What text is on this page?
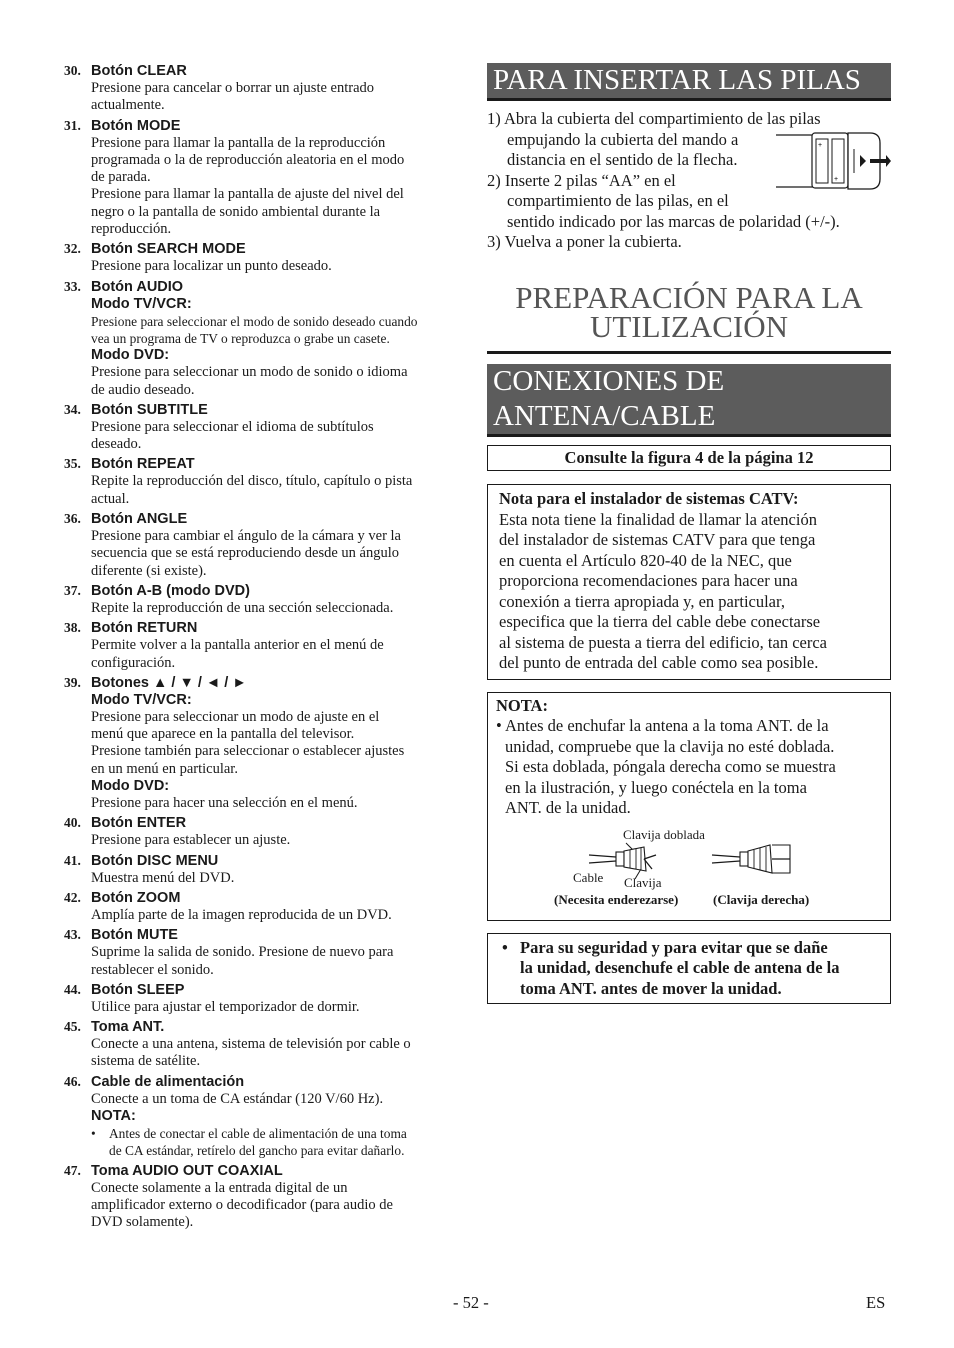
30. Botón CLEAR
Presione para cancelar o borrar un ajuste entrado
actualmente.
31. Botón MODE
Presione para llamar la pantalla de la reproducción
programada o la de reproducción aleatoria en el modo
de parada.
Presione para llamar la pantalla de ajuste del nivel del
negro o la pantalla de sonido ambiental durante la
reproducción.
32. Botón SEARCH MODE
Presione para localizar un punto deseado.
33. Botón AUDIO
Modo TV/VCR:
Presione para seleccionar el modo de sonido deseado cuando
vea un programa de TV o reproduzca o grabe un casete.
Modo DVD:
Presione para seleccionar un modo de sonido o idioma
de audio deseado.
34. Botón SUBTITLE
Presione para seleccionar el idioma de subtítulos
deseado.
35. Botón REPEAT
Repite la reproducción del disco, título, capítulo o pista
actual.
36. Botón ANGLE
Presione para cambiar el ángulo de la cámara y ver la
secuencia que se está reproduciendo desde un ángulo
diferente (si existe).
37. Botón A-B (modo DVD)
Repite la reproducción de una sección seleccionada.
38. Botón RETURN
Permite volver a la pantalla anterior en el menú de
configuración.
39. Botones ▲ / ▼ / ◄ / ►
Modo TV/VCR:
Presione para seleccionar un modo de ajuste en el
menú que aparece en la pantalla del televisor.
Presione también para seleccionar o establecer ajustes
en un menú en particular.
Modo DVD:
Presione para hacer una selección en el menú.
40. Botón ENTER
Presione para establecer un ajuste.
41. Botón DISC MENU
Muestra menú del DVD.
42. Botón ZOOM
Amplía parte de la imagen reproducida de un DVD.
43. Botón MUTE
Suprime la salida de sonido. Presione de nuevo para
restablecer el sonido.
44. Botón SLEEP
Utilice para ajustar el temporizador de dormir.
45. Toma ANT.
Conecte a una antena, sistema de televisión por cable o
sistema de satélite.
46. Cable de alimentación
Conecte a un toma de CA estándar (120 V/60 Hz).
NOTA:
• Antes de conectar el cable de alimentación de una toma
de CA estándar, retírelo del gancho para evitar dañarlo.
47. Toma AUDIO OUT COAXIAL
Conecte solamente a la entrada digital de un
amplificador externo o decodificador (para audio de
DVD solamente).
PARA INSERTAR LAS PILAS
1) Abra la cubierta del compartimiento de las pilas
empujando la cubierta del mando a
distancia en el sentido de la flecha.
2) Inserte 2 pilas “AA” en el
compartimiento de las pilas, en el
sentido indicado por las marcas de polaridad (+/-).
3) Vuelva a poner la cubierta.
+
+
PREPARACIÓN PARA LA
UTILIZACIÓN
CONEXIONES DE ANTENA/CABLE
Consulte la figura 4 de la página 12
Nota para el instalador de sistemas CATV:
Esta nota tiene la finalidad de llamar la atención
del instalador de sistemas CATV para que tenga
en cuenta el Artículo 820-40 de la NEC, que
proporciona recomendaciones para hacer una
conexión a tierra apropiada y, en particular,
especifica que la tierra del cable debe conectarse
al sistema de puesta a tierra del edificio, tan cerca
del punto de entrada del cable como sea posible.
NOTA:
• Antes de enchufar la antena a la toma ANT. de la
unidad, compruebe que la clavija no esté doblada.
Si esta doblada, póngala derecha como se muestra
en la ilustración, y luego conéctela en la toma
ANT. de la unidad.
Clavija doblada
Cable Clavija
(Necesita enderezarse)	(Clavija derecha)
• Para su seguridad y para evitar que se dañe
la unidad, desenchufe el cable de antena de la
toma ANT. antes de mover la unidad.
- 52 -	ES
